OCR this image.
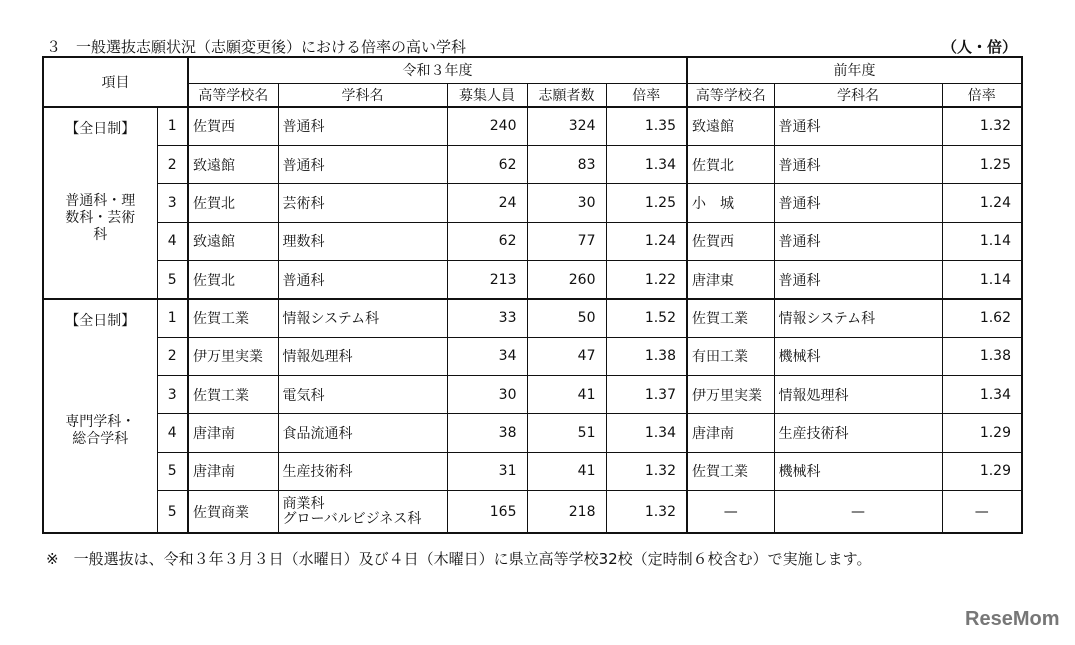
３　一般選抜志願状況（志願変更後）における倍率の高い学科	（人・倍）
項目		令和３年度					前年度		
		高等学校名	学科名	募集人員	志願者数	倍率	高等学校名	学科名	倍率

【全日制】
普通科・理数科・芸術科	1	佐賀西	普通科	240	324	1.35	致遠館	普通科	1.32
	2	致遠館	普通科	62	83	1.34	佐賀北	普通科	1.25
	3	佐賀北	芸術科	24	30	1.25	小　城	普通科	1.24
	4	致遠館	理数科	62	77	1.24	佐賀西	普通科	1.14
	5	佐賀北	普通科	213	260	1.22	唐津東	普通科	1.14

【全日制】
専門学科・総合学科	1	佐賀工業	情報システム科	33	50	1.52	佐賀工業	情報システム科	1.62
	2	伊万里実業	情報処理科	34	47	1.38	有田工業	機械科	1.38
	3	佐賀工業	電気科	30	41	1.37	伊万里実業	情報処理科	1.34
	4	唐津南	食品流通科	38	51	1.34	唐津南	生産技術科	1.29
	5	唐津南	生産技術科	31	41	1.32	佐賀工業	機械科	1.29
	5	佐賀商業	商業科
グローバルビジネス科	165	218	1.32	—	—	—
※　一般選抜は、令和３年３月３日（水曜日）及び４日（木曜日）に県立高等学校32校（定時制６校含む）で実施します。
ReseMom
